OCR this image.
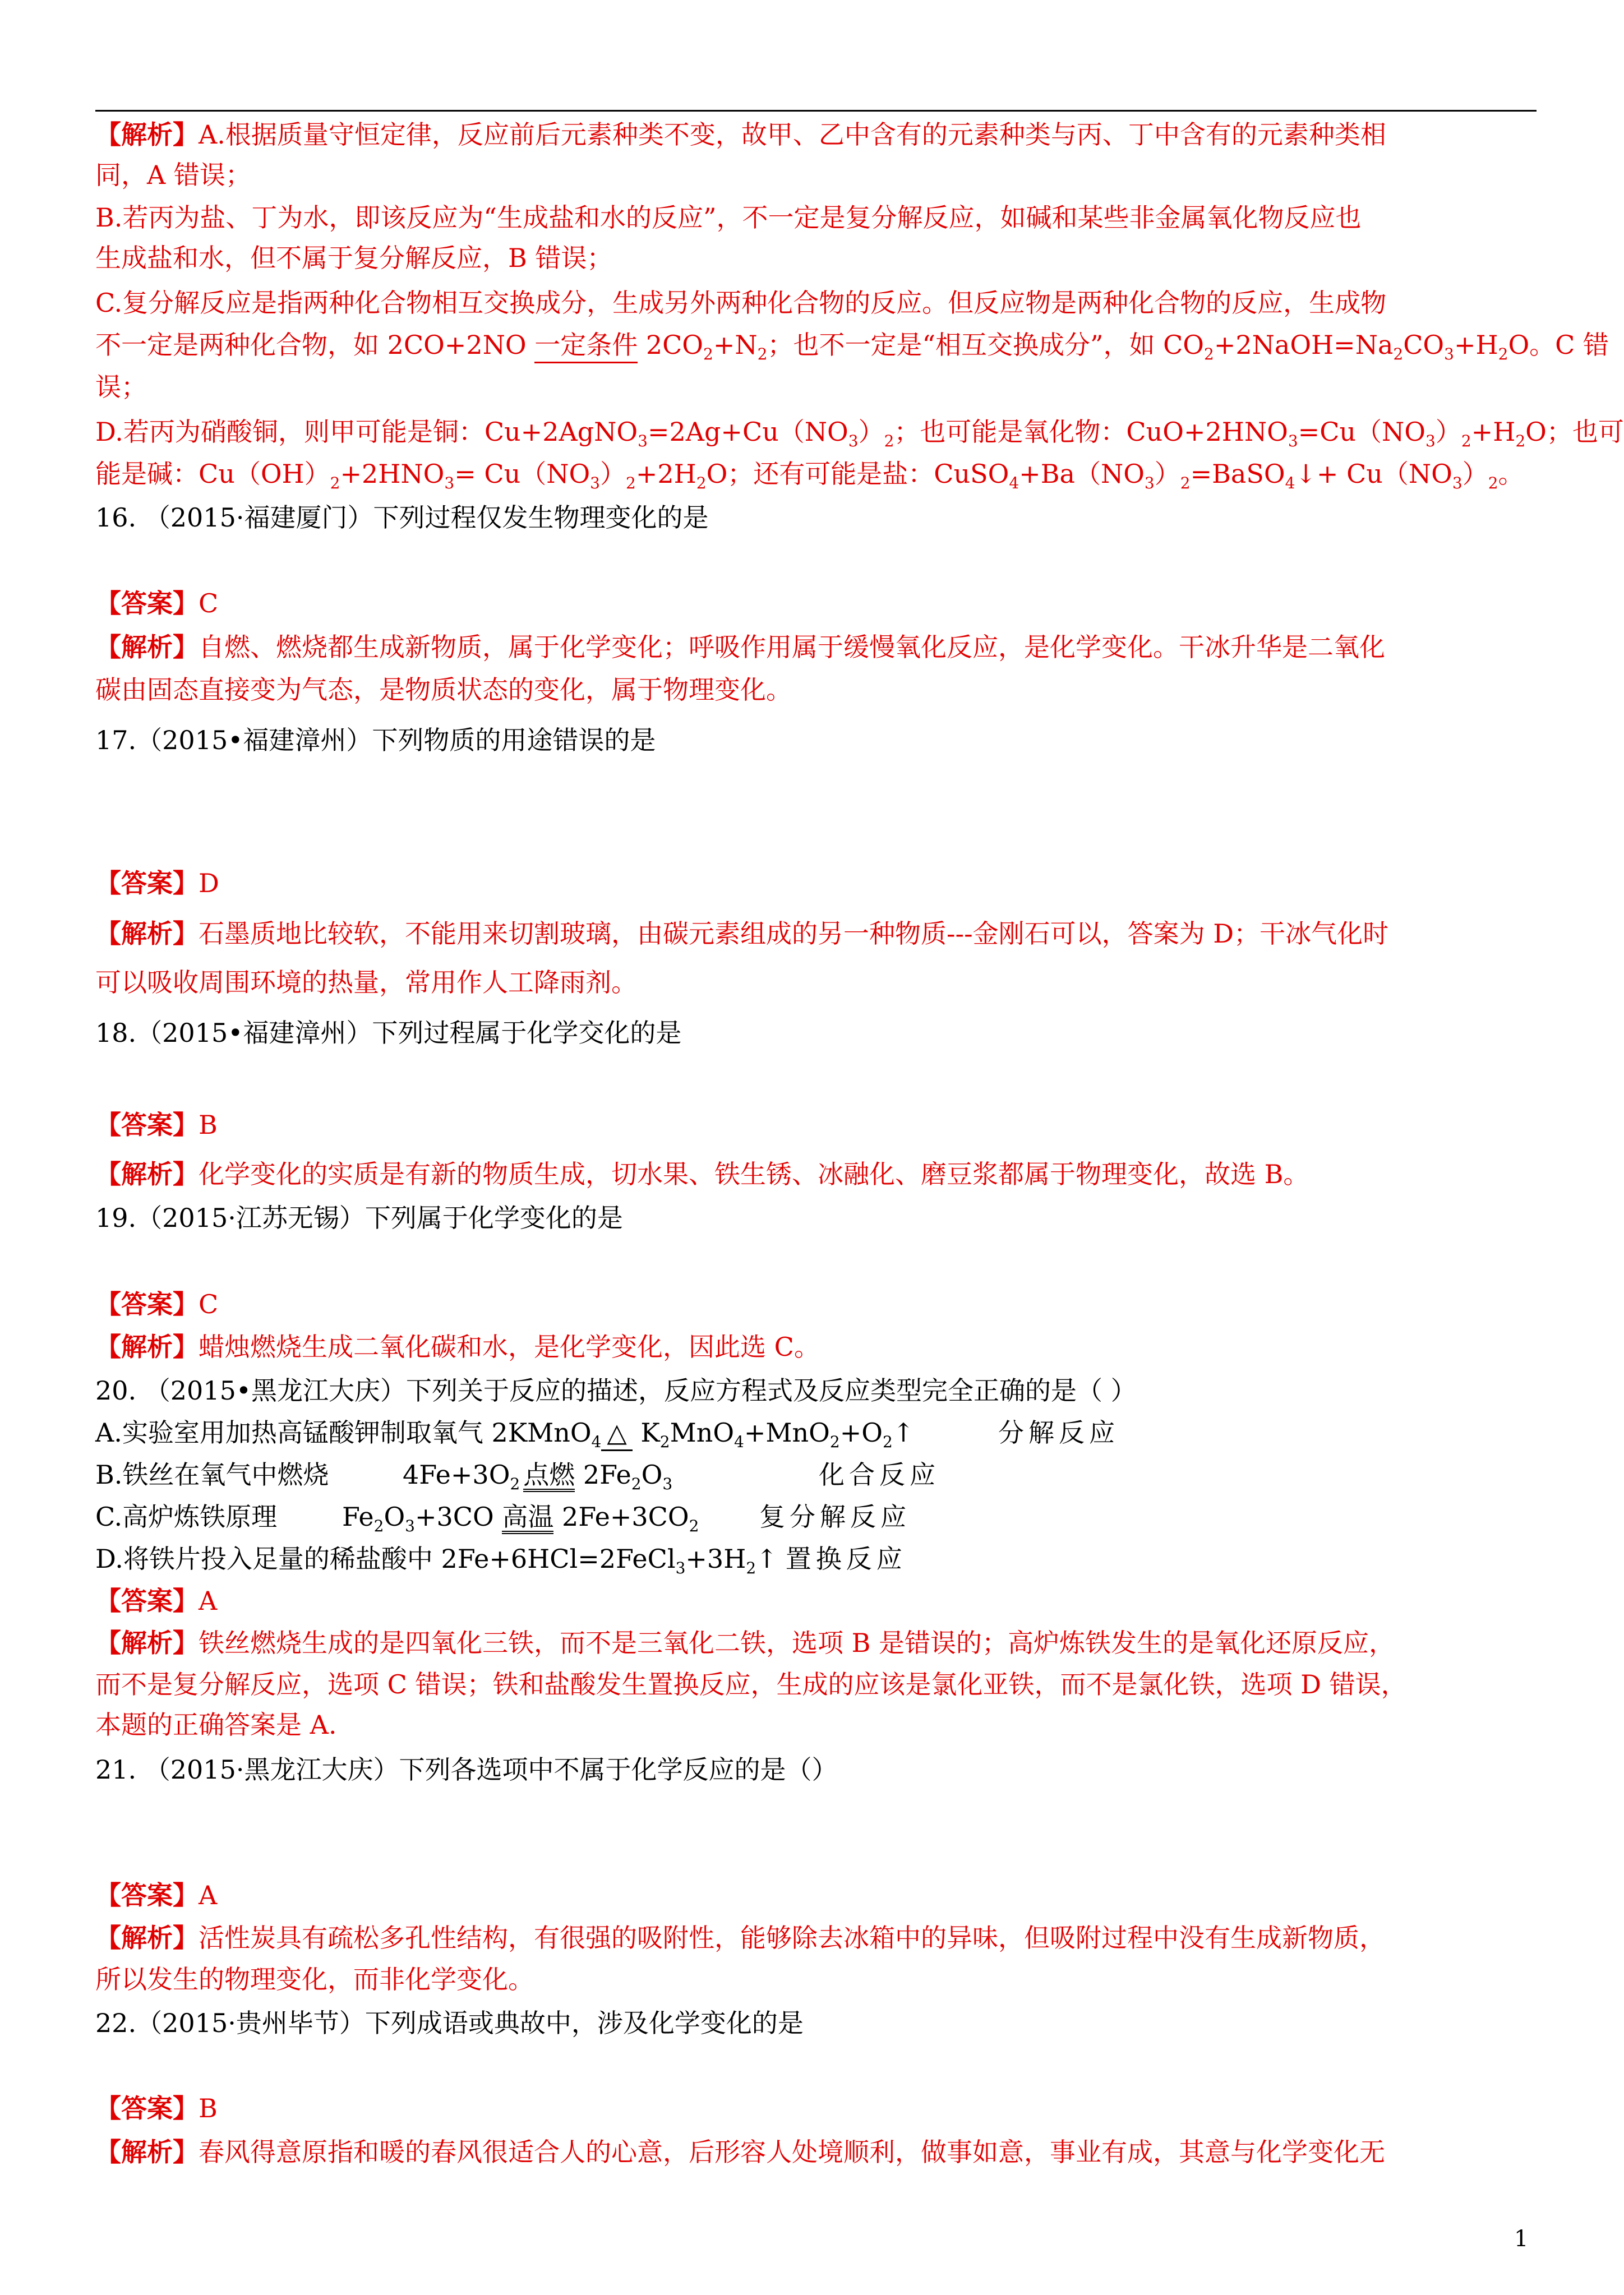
【解析】A.根据质量守恒定律，反应前后元素种类不变，故甲、乙中含有的元素种类与丙、丁中含有的元素种类相
同，A 错误；
B.若丙为盐、丁为水，即该反应为“生成盐和水的反应”，不一定是复分解反应，如碱和某些非金属氧化物反应也
生成盐和水，但不属于复分解反应，B 错误；
C.复分解反应是指两种化合物相互交换成分，生成另外两种化合物的反应。但反应物是两种化合物的反应，生成物
不一定是两种化合物，如 2CO+2NO 一定条件 $2CO_2+N_2$；也不一定是“相互交换成分”，如 $CO_2+2NaOH=Na_2CO_3+H_2O$。C 错
误；
D.若丙为硝酸铜，则甲可能是铜：$Cu+2AgNO_3=2Ag+Cu(NO_3)_2$；也可能是氧化物：$CuO+2HNO_3=Cu(NO_3)_2+H_2O$；也可
能是碱：$Cu(OH)_2+2HNO_3= Cu(NO_3)_2+2H_2O$；还有可能是盐：$CuSO_4+Ba(NO_3)_2=BaSO_4↓+ Cu(NO_3)_2$。
16. （2015·福建厦门）下列过程仅发生物理变化的是
【答案】C
【解析】自燃、燃烧都生成新物质，属于化学变化；呼吸作用属于缓慢氧化反应，是化学变化。干冰升华是二氧化
碳由固态直接变为气态，是物质状态的变化，属于物理变化。
17.（2015•福建漳州）下列物质的用途错误的是
【答案】D
【解析】石墨质地比较软，不能用来切割玻璃，由碳元素组成的另一种物质---金刚石可以，答案为 D；干冰气化时
可以吸收周围环境的热量，常用作人工降雨剂。
18.（2015•福建漳州）下列过程属于化学交化的是
【答案】B
【解析】化学变化的实质是有新的物质生成，切水果、铁生锈、冰融化、磨豆浆都属于物理变化，故选 B。
19.（2015·江苏无锡）下列属于化学变化的是
【答案】C
【解析】蜡烛燃烧生成二氧化碳和水，是化学变化，因此选 C。
20. （2015•黑龙江大庆）下列关于反应的描述，反应方程式及反应类型完全正确的是（ ）
A.实验室用加热高锰酸钾制取氧气 2KMnO$_4$ △ $K_2MnO_4+MnO_2+O_2↑$	分解反应
B.铁丝在氧气中燃烧	$4Fe+3O_2$ 点燃 $2Fe_2O_3$	化合反应
C.高炉炼铁原理	$Fe_2O_3+3CO$ 高温 $2Fe+3CO_2$ 复分解反应
D.将铁片投入足量的稀盐酸中 $2Fe+6HCl=2FeCl_3+3H_2↑$ 置换反应
【答案】A
【解析】铁丝燃烧生成的是四氧化三铁，而不是三氧化二铁，选项 B 是错误的；高炉炼铁发生的是氧化还原反应，
而不是复分解反应，选项 C 错误；铁和盐酸发生置换反应，生成的应该是氯化亚铁，而不是氯化铁，选项 D 错误，
本题的正确答案是 A.
21. （2015·黑龙江大庆）下列各选项中不属于化学反应的是（）
【答案】A
【解析】活性炭具有疏松多孔性结构，有很强的吸附性，能够除去冰箱中的异味，但吸附过程中没有生成新物质，
所以发生的物理变化，而非化学变化。
22.（2015·贵州毕节）下列成语或典故中，涉及化学变化的是
【答案】B
【解析】春风得意原指和暖的春风很适合人的心意，后形容人处境顺利，做事如意，事业有成，其意与化学变化无
1
